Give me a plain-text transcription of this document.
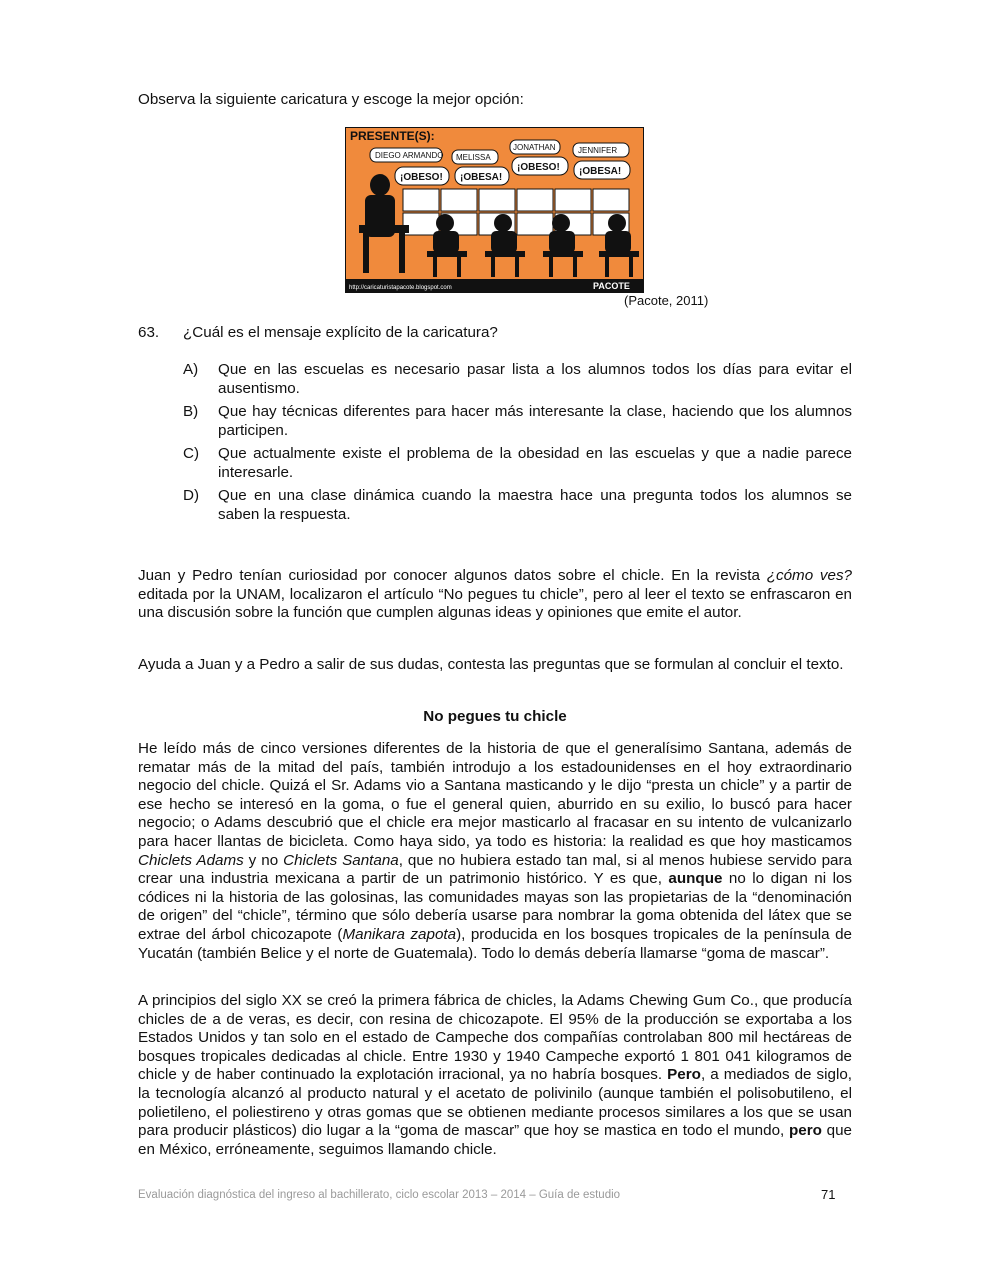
Observa la siguiente caricatura y escoge la mejor opción:

PRESENTE(S):
DIEGO ARMANDO MELISSA
JONATHAN	JENNIFER
¡OBESO! ¡OBESA!
¡OBESO! ¡OBESA!
http://caricaturistapacote.blogspot.com	PACOTE
(Pacote, 2011)
63. ¿Cuál es el mensaje explícito de la caricatura?
A) Que en las escuelas es necesario pasar lista a los alumnos todos los días para evitar el ausentismo.
B) Que hay técnicas diferentes para hacer más interesante la clase, haciendo que los alumnos participen.
C) Que actualmente existe el problema de la obesidad en las escuelas y que a nadie parece interesarle.
D) Que en una clase dinámica cuando la maestra hace una pregunta todos los alumnos se saben la respuesta.

Juan y Pedro tenían curiosidad por conocer algunos datos sobre el chicle. En la revista ¿cómo ves? editada por la UNAM, localizaron el artículo “No pegues tu chicle”, pero al leer el texto se enfrascaron en una discusión sobre la función que cumplen algunas ideas y opiniones que emite el autor.

Ayuda a Juan y a Pedro a salir de sus dudas, contesta las preguntas que se formulan al concluir el texto.

No pegues tu chicle

He leído más de cinco versiones diferentes de la historia de que el generalísimo Santana, además de rematar más de la mitad del país, también introdujo a los estadounidenses en el hoy extraordinario negocio del chicle. Quizá el Sr. Adams vio a Santana masticando y le dijo “presta un chicle” y a partir de ese hecho se interesó en la goma, o fue el general quien, aburrido en su exilio, lo buscó para hacer negocio; o Adams descubrió que el chicle era mejor masticarlo al fracasar en su intento de vulcanizarlo para hacer llantas de bicicleta. Como haya sido, ya todo es historia: la realidad es que hoy masticamos Chiclets Adams y no Chiclets Santana, que no hubiera estado tan mal, si al menos hubiese servido para crear una industria mexicana a partir de un patrimonio histórico. Y es que, aunque no lo digan ni los códices ni la historia de las golosinas, las comunidades mayas son las propietarias de la “denominación de origen” del “chicle”, término que sólo debería usarse para nombrar la goma obtenida del látex que se extrae del árbol chicozapote (Manikara zapota), producida en los bosques tropicales de la península de Yucatán (también Belice y el norte de Guatemala). Todo lo demás debería llamarse “goma de mascar”.

A principios del siglo XX se creó la primera fábrica de chicles, la Adams Chewing Gum Co., que producía chicles de a de veras, es decir, con resina de chicozapote. El 95% de la producción se exportaba a los Estados Unidos y tan solo en el estado de Campeche dos compañías controlaban 800 mil hectáreas de bosques tropicales dedicadas al chicle. Entre 1930 y 1940 Campeche exportó 1 801 041 kilogramos de chicle y de haber continuado la explotación irracional, ya no habría bosques. Pero, a mediados de siglo, la tecnología alcanzó al producto natural y el acetato de polivinilo (aunque también el polisobutileno, el polietileno, el poliestireno y otras gomas que se obtienen mediante procesos similares a los que se usan para producir plásticos) dio lugar a la “goma de mascar” que hoy se mastica en todo el mundo, pero que en México, erróneamente, seguimos llamando chicle.

Evaluación diagnóstica del ingreso al bachillerato, ciclo escolar 2013 – 2014 – Guía de estudio	71
